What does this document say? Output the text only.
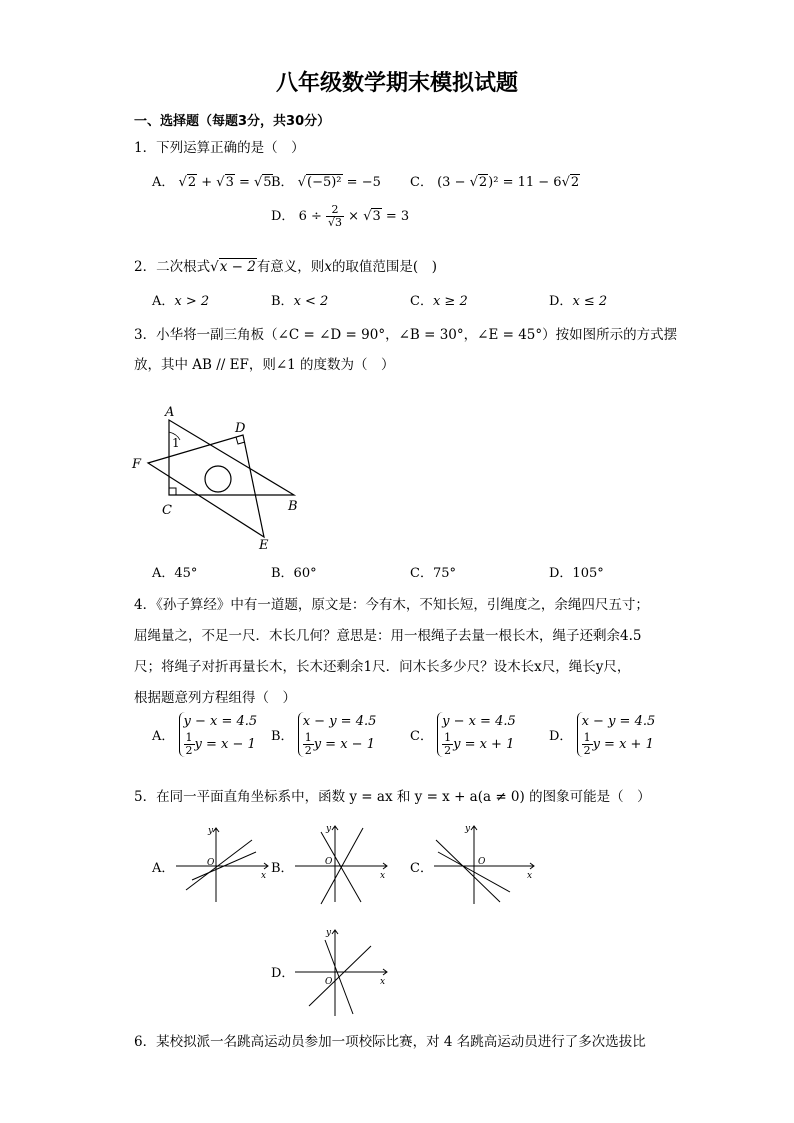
八年级数学期末模拟试题
一、选择题（每题3分，共30分）
1．下列运算正确的是（　）
A． √2 + √3 = √5 B． √(−5)² = −5 C． (3 − √2)² = 11 − 6√2
D． $6 \div \frac{2}{√3} \times √3 = 3$
2．二次根式√x − 2有意义，则x的取值范围是(　)
A．x > 2	B．x < 2	C．x ≥ 2	D．x ≤ 2
3．小华将一副三角板（∠C = ∠D = 90°，∠B = 30°，∠E = 45°）按如图所示的方式摆
放，其中 AB // EF，则∠1 的度数为（　）
A
D
F
1
C	B
E
A．45°	B．60°	C．75°	D．105°
4．《孙子算经》中有一道题，原文是：今有木，不知长短，引绳度之，余绳四尺五寸；
屈绳量之，不足一尺．木长几何？意思是：用一根绳子去量一根长木，绳子还剩余4.5
尺；将绳子对折再量长木，长木还剩余1尺．问木长多少尺？设木长x尺，绳长y尺，
根据题意列方程组得（　）
A． y − x = 4.5

$\frac{1}{2}$ y = x − 1
B． x − y = 4.5

$\frac{1}{2}$ y = x − 1
C． y − x = 4.5

$\frac{1}{2}$ y = x + 1
D． x − y = 4.5

$\frac{1}{2}$ y = x + 1
5．在同一平面直角坐标系中，函数 y = ax 和 y = x + a(a ≠ 0) 的图象可能是（　）
A．	x
y
O	B．	x
y
O	C．	x
y
O
D．
x
y
O
6．某校拟派一名跳高运动员参加一项校际比赛，对 4 名跳高运动员进行了多次选拔比
